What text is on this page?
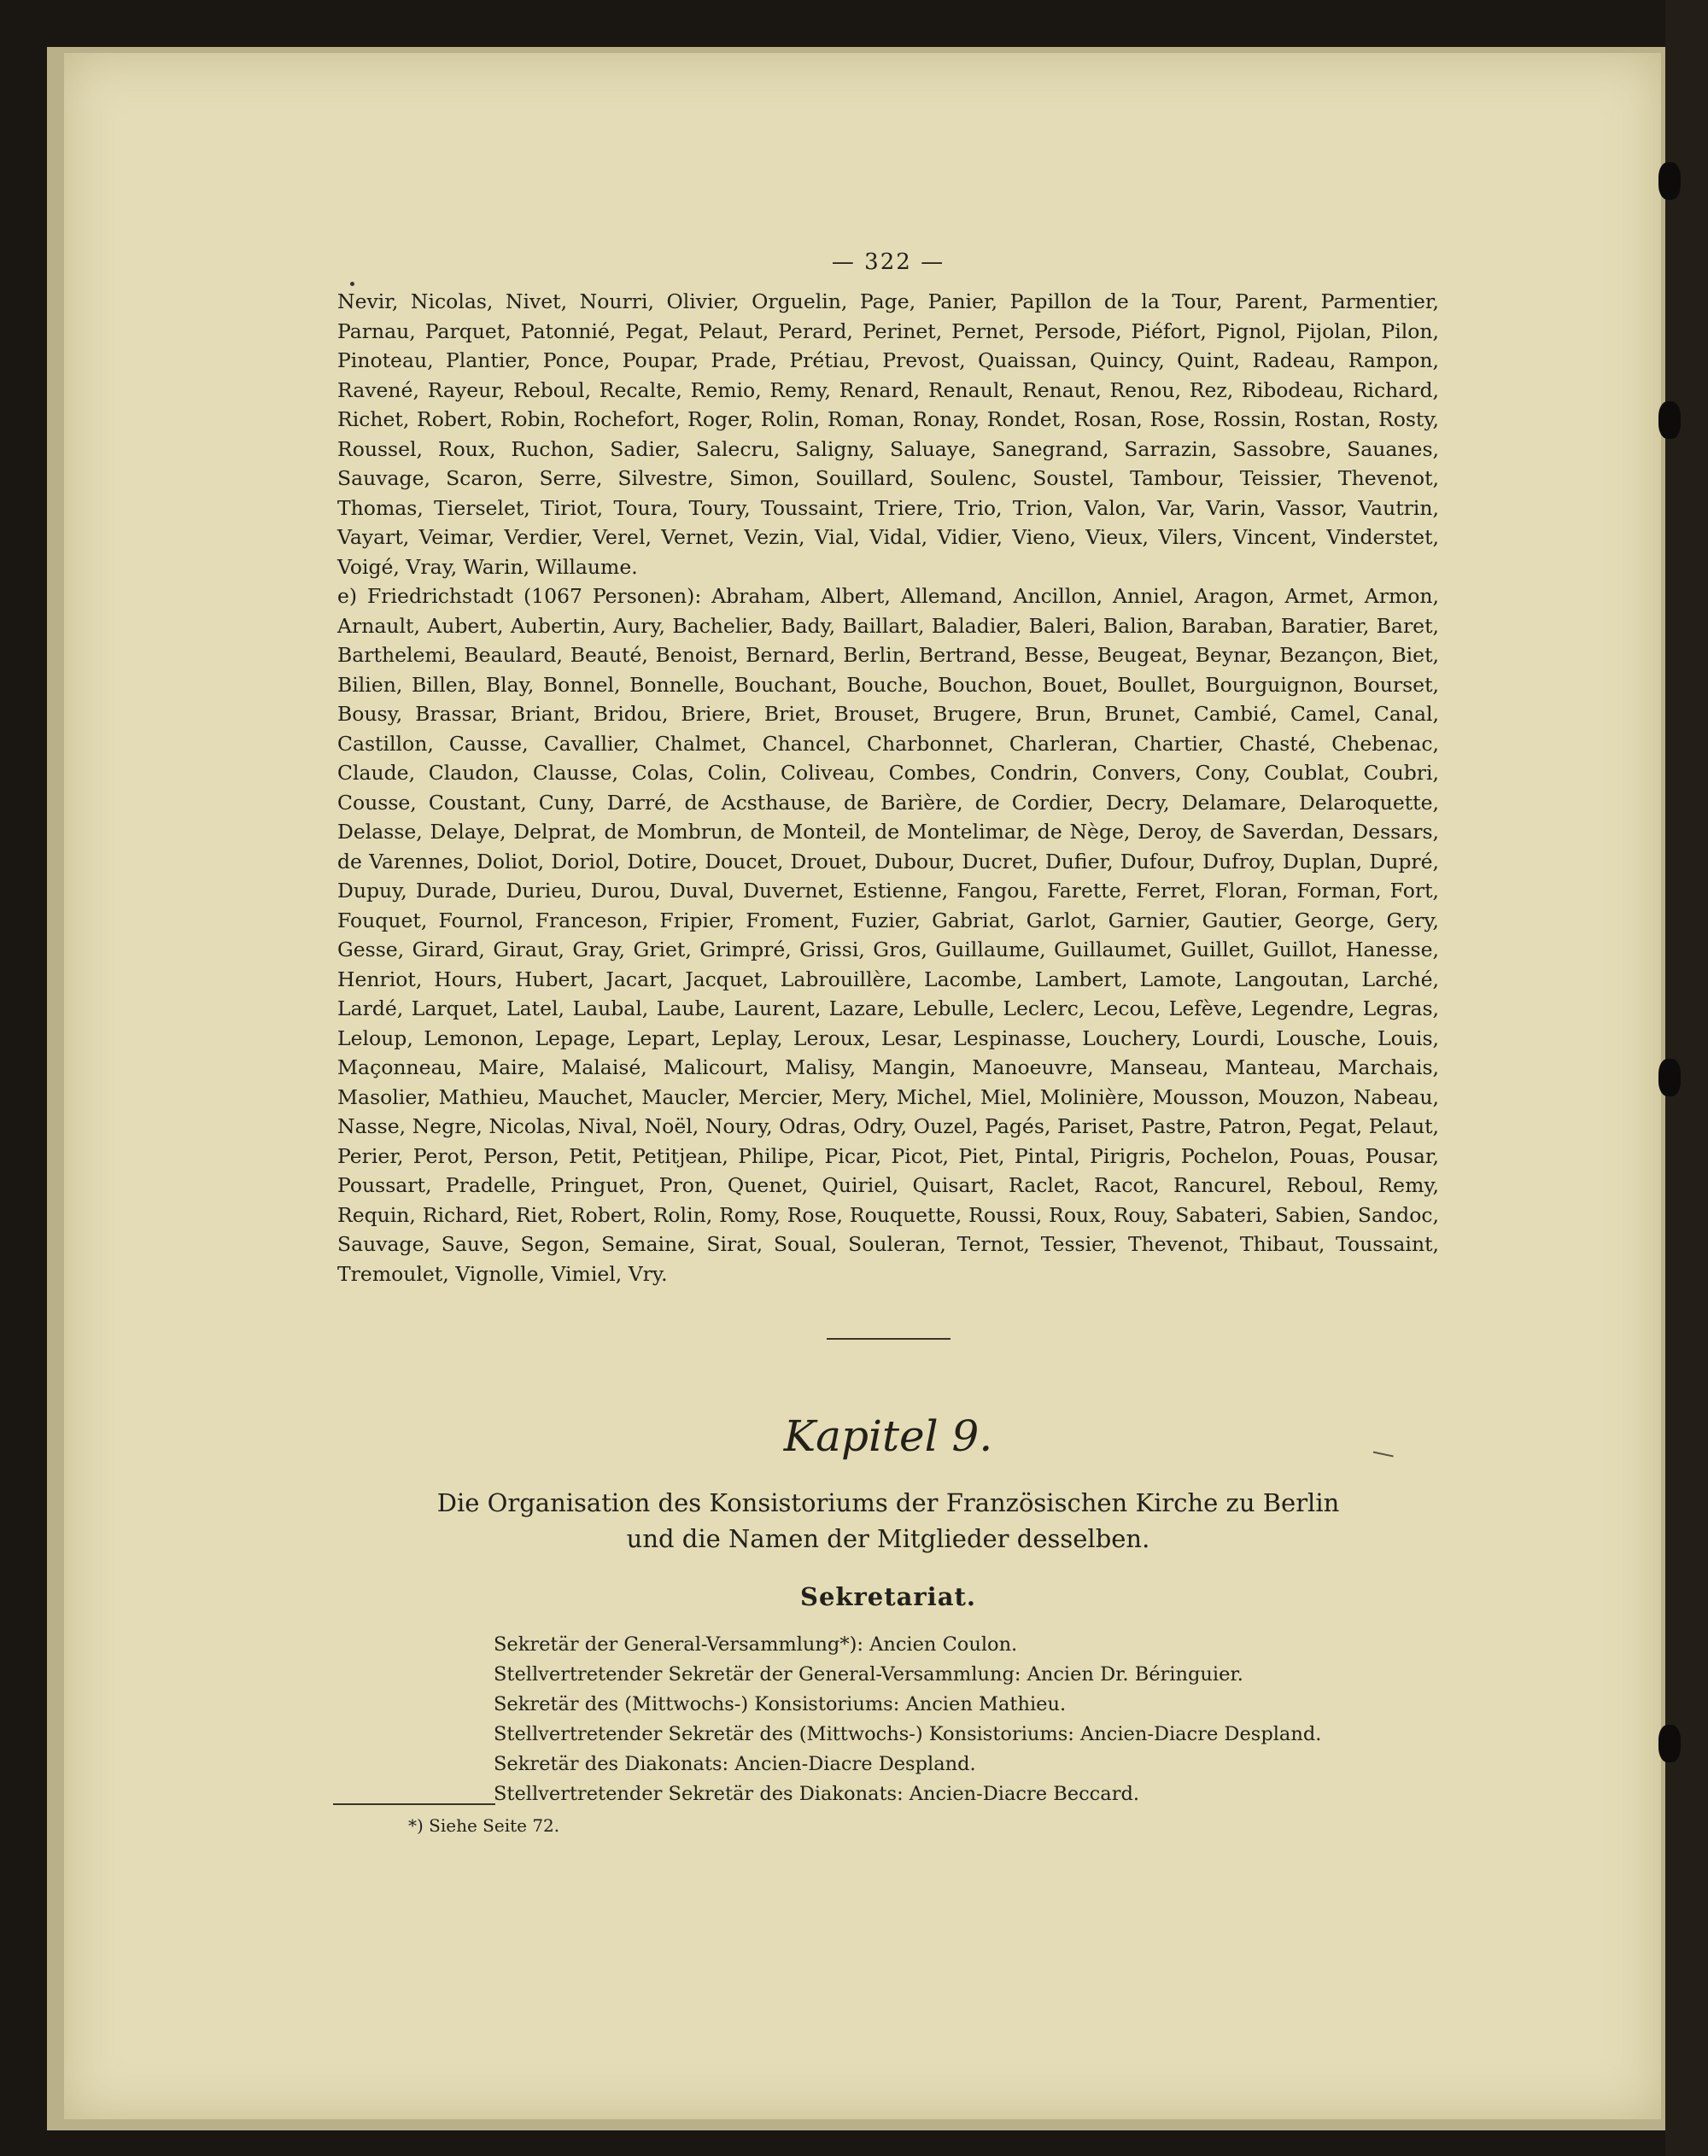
— 322 —

Nevir, Nicolas, Nivet, Nourri, Olivier, Orguelin, Page, Panier, Papillon de la Tour, Parent, Parmentier, Parnau, Parquet, Patonnié, Pegat, Pelaut, Perard, Perinet, Pernet, Persode, Piéfort, Pignol, Pijolan, Pilon, Pinoteau, Plantier, Ponce, Poupar, Prade, Prétiau, Prevost, Quaissan, Quincy, Quint, Radeau, Rampon, Ravené, Rayeur, Reboul, Recalte, Remio, Remy, Renard, Renault, Renaut, Renou, Rez, Ribodeau, Richard, Richet, Robert, Robin, Rochefort, Roger, Rolin, Roman, Ronay, Rondet, Rosan, Rose, Rossin, Rostan, Rosty, Roussel, Roux, Ruchon, Sadier, Salecru, Saligny, Saluaye, Sanegrand, Sarrazin, Sassobre, Sauanes, Sauvage, Scaron, Serre, Silvestre, Simon, Souillard, Soulenc, Soustel, Tambour, Teissier, Thevenot, Thomas, Tierselet, Tiriot, Toura, Toury, Toussaint, Triere, Trio, Trion, Valon, Var, Varin, Vassor, Vautrin, Vayart, Veimar, Verdier, Verel, Vernet, Vezin, Vial, Vidal, Vidier, Vieno, Vieux, Vilers, Vincent, Vinderstet, Voigé, Vray, Warin, Willaume.

e) Friedrichstadt (1067 Personen): Abraham, Albert, Allemand, Ancillon, Anniel, Aragon, Armet, Armon, Arnault, Aubert, Aubertin, Aury, Bachelier, Bady, Baillart, Baladier, Baleri, Balion, Baraban, Baratier, Baret, Barthelemi, Beaulard, Beauté, Benoist, Bernard, Berlin, Bertrand, Besse, Beugeat, Beynar, Bezançon, Biet, Bilien, Billen, Blay, Bonnel, Bonnelle, Bouchant, Bouche, Bouchon, Bouet, Boullet, Bourguignon, Bourset, Bousy, Brassar, Briant, Bridou, Briere, Briet, Brouset, Brugere, Brun, Brunet, Cambié, Camel, Canal, Castillon, Causse, Cavallier, Chalmet, Chancel, Charbonnet, Charleran, Chartier, Chasté, Chebenac, Claude, Claudon, Clausse, Colas, Colin, Coliveau, Combes, Condrin, Convers, Cony, Coublat, Coubri, Cousse, Coustant, Cuny, Darré, de Acsthause, de Barière, de Cordier, Decry, Delamare, Delaroquette, Delasse, Delaye, Delprat, de Mombrun, de Monteil, de Montelimar, de Nège, Deroy, de Saverdan, Dessars, de Varennes, Doliot, Doriol, Dotire, Doucet, Drouet, Dubour, Ducret, Dufier, Dufour, Dufroy, Duplan, Dupré, Dupuy, Durade, Durieu, Durou, Duval, Duvernet, Estienne, Fangou, Farette, Ferret, Floran, Forman, Fort, Fouquet, Fournol, Franceson, Fripier, Froment, Fuzier, Gabriat, Garlot, Garnier, Gautier, George, Gery, Gesse, Girard, Giraut, Gray, Griet, Grimpré, Grissi, Gros, Guillaume, Guillaumet, Guillet, Guillot, Hanesse, Henriot, Hours, Hubert, Jacart, Jacquet, Labrouillère, Lacombe, Lambert, Lamote, Langoutan, Larché, Lardé, Larquet, Latel, Laubal, Laube, Laurent, Lazare, Lebulle, Leclerc, Lecou, Lefève, Legendre, Legras, Leloup, Lemonon, Lepage, Lepart, Leplay, Leroux, Lesar, Lespinasse, Louchery, Lourdi, Lousche, Louis, Maçonneau, Maire, Malaisé, Malicourt, Malisy, Mangin, Manoeuvre, Manseau, Manteau, Marchais, Masolier, Mathieu, Mauchet, Maucler, Mercier, Mery, Michel, Miel, Molinière, Mousson, Mouzon, Nabeau, Nasse, Negre, Nicolas, Nival, Noël, Noury, Odras, Odry, Ouzel, Pagés, Pariset, Pastre, Patron, Pegat, Pelaut, Perier, Perot, Person, Petit, Petitjean, Philipe, Picar, Picot, Piet, Pintal, Pirigris, Pochelon, Pouas, Pousar, Poussart, Pradelle, Pringuet, Pron, Quenet, Quiriel, Quisart, Raclet, Racot, Rancurel, Reboul, Remy, Requin, Richard, Riet, Robert, Rolin, Romy, Rose, Rouquette, Roussi, Roux, Rouy, Sabateri, Sabien, Sandoc, Sauvage, Sauve, Segon, Semaine, Sirat, Soual, Souleran, Ternot, Tessier, Thevenot, Thibaut, Toussaint, Tremoulet, Vignolle, Vimiel, Vry.

Kapitel 9.
Die Organisation des Konsistoriums der Französischen Kirche zu Berlin und die Namen der Mitglieder desselben.
Sekretariat.
Sekretär der General-Versammlung*): Ancien Coulon.
Stellvertretender Sekretär der General-Versammlung: Ancien Dr. Béringuier.
Sekretär des (Mittwochs-) Konsistoriums: Ancien Mathieu.
Stellvertretender Sekretär des (Mittwochs-) Konsistoriums: Ancien-Diacre Despland.
Sekretär des Diakonats: Ancien-Diacre Despland.
Stellvertretender Sekretär des Diakonats: Ancien-Diacre Beccard.
*) Siehe Seite 72.
